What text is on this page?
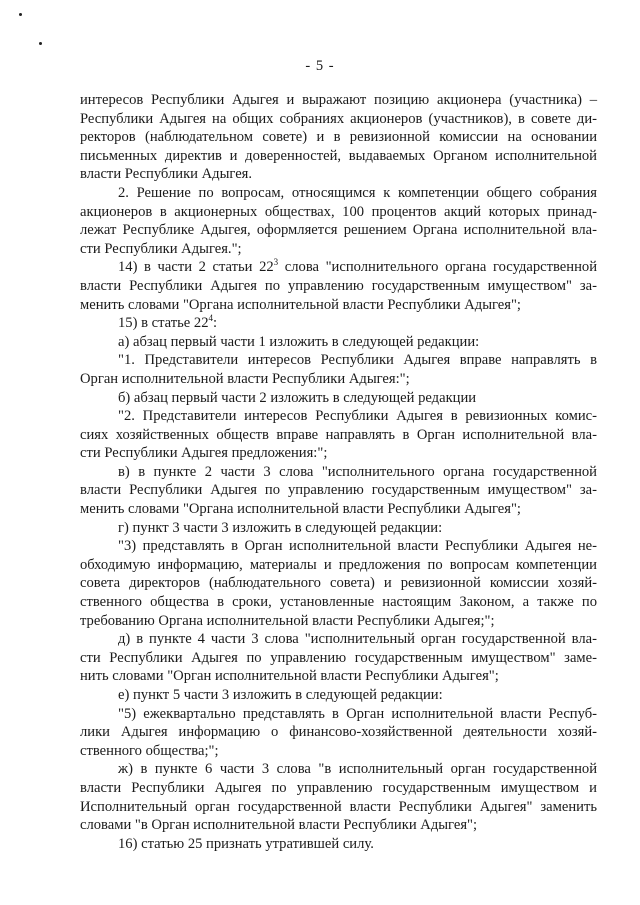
- 5 -
интересов Республики Адыгея и выражают позицию акционера (участника) –
Республики Адыгея на общих собраниях акционеров (участников), в совете ди-
ректоров (наблюдательном совете) и в ревизионной комиссии на основании
письменных директив и доверенностей, выдаваемых Органом исполнительной
власти Республики Адыгея.
2. Решение по вопросам, относящимся к компетенции общего собрания
акционеров в акционерных обществах, 100 процентов акций которых принад-
лежат Республике Адыгея, оформляется решением Органа исполнительной вла-
сти Республики Адыгея.";
14) в части 2 статьи $22^3$ слова "исполнительного органа государственной
власти Республики Адыгея по управлению государственным имуществом" за-
менить словами "Органа исполнительной власти Республики Адыгея";
15) в статье $22^4$:
а) абзац первый части 1 изложить в следующей редакции:
"1. Представители интересов Республики Адыгея вправе направлять в
Орган исполнительной власти Республики Адыгея:";
б) абзац первый части 2 изложить в следующей редакции
"2. Представители интересов Республики Адыгея в ревизионных комис-
сиях хозяйственных обществ вправе направлять в Орган исполнительной вла-
сти Республики Адыгея предложения:";
в) в пункте 2 части 3 слова "исполнительного органа государственной
власти Республики Адыгея по управлению государственным имуществом" за-
менить словами "Органа исполнительной власти Республики Адыгея";
г) пункт 3 части 3 изложить в следующей редакции:
"3) представлять в Орган исполнительной власти Республики Адыгея не-
обходимую информацию, материалы и предложения по вопросам компетенции
совета директоров (наблюдательного совета) и ревизионной комиссии хозяй-
ственного общества в сроки, установленные настоящим Законом, а также по
требованию Органа исполнительной власти Республики Адыгея;";
д) в пункте 4 части 3 слова "исполнительный орган государственной вла-
сти Республики Адыгея по управлению государственным имуществом" заме-
нить словами "Орган исполнительной власти Республики Адыгея";
е) пункт 5 части 3 изложить в следующей редакции:
"5) ежеквартально представлять в Орган исполнительной власти Респуб-
лики Адыгея информацию о финансово-хозяйственной деятельности хозяй-
ственного общества;";
ж) в пункте 6 части 3 слова "в исполнительный орган государственной
власти Республики Адыгея по управлению государственным имуществом и
Исполнительный орган государственной власти Республики Адыгея" заменить
словами "в Орган исполнительной власти Республики Адыгея";
16) статью 25 признать утратившей силу.
